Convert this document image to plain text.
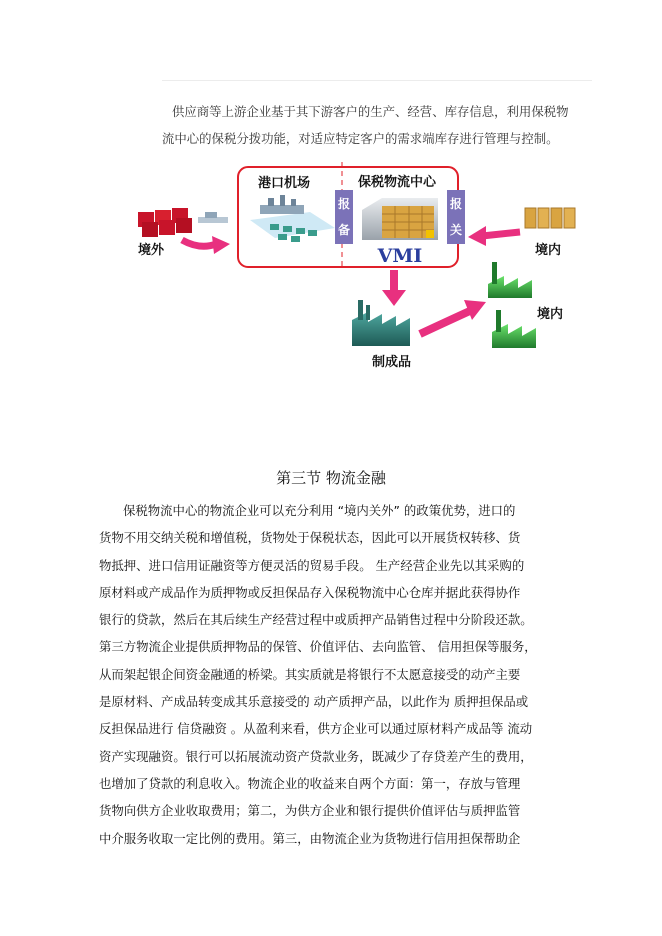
供应商等上游企业基于其下游客户的生产、经营、库存信息，利用保税物

流中心的保税分拨功能，对适应特定客户的需求端库存进行管理与控制。

港口机场	保税物流中心
报
备
报
关
VMI
境外	境内
制成品
境内
第三节 物流金融

保税物流中心的物流企业可以充分利用 “境内关外” 的政策优势，进口的

货物不用交纳关税和增值税，货物处于保税状态，因此可以开展货权转移、货

物抵押、进口信用证融资等方便灵活的贸易手段。 生产经营企业先以其采购的

原材料或产成品作为质押物或反担保品存入保税物流中心仓库并据此获得协作

银行的贷款，然后在其后续生产经营过程中或质押产品销售过程中分阶段还款。

第三方物流企业提供质押物品的保管、价值评估、去向监管、 信用担保等服务，

从而架起银企间资金融通的桥梁。其实质就是将银行不太愿意接受的动产主要

是原材料、产成品转变成其乐意接受的 动产质押产品，以此作为 质押担保品或

反担保品进行 信贷融资 。从盈利来看，供方企业可以通过原材料产成品等 流动

资产实现融资。银行可以拓展流动资产贷款业务，既减少了存贷差产生的费用，

也增加了贷款的利息收入。物流企业的收益来自两个方面：第一，存放与管理

货物向供方企业收取费用；第二，为供方企业和银行提供价值评估与质押监管

中介服务收取一定比例的费用。第三，由物流企业为货物进行信用担保帮助企
